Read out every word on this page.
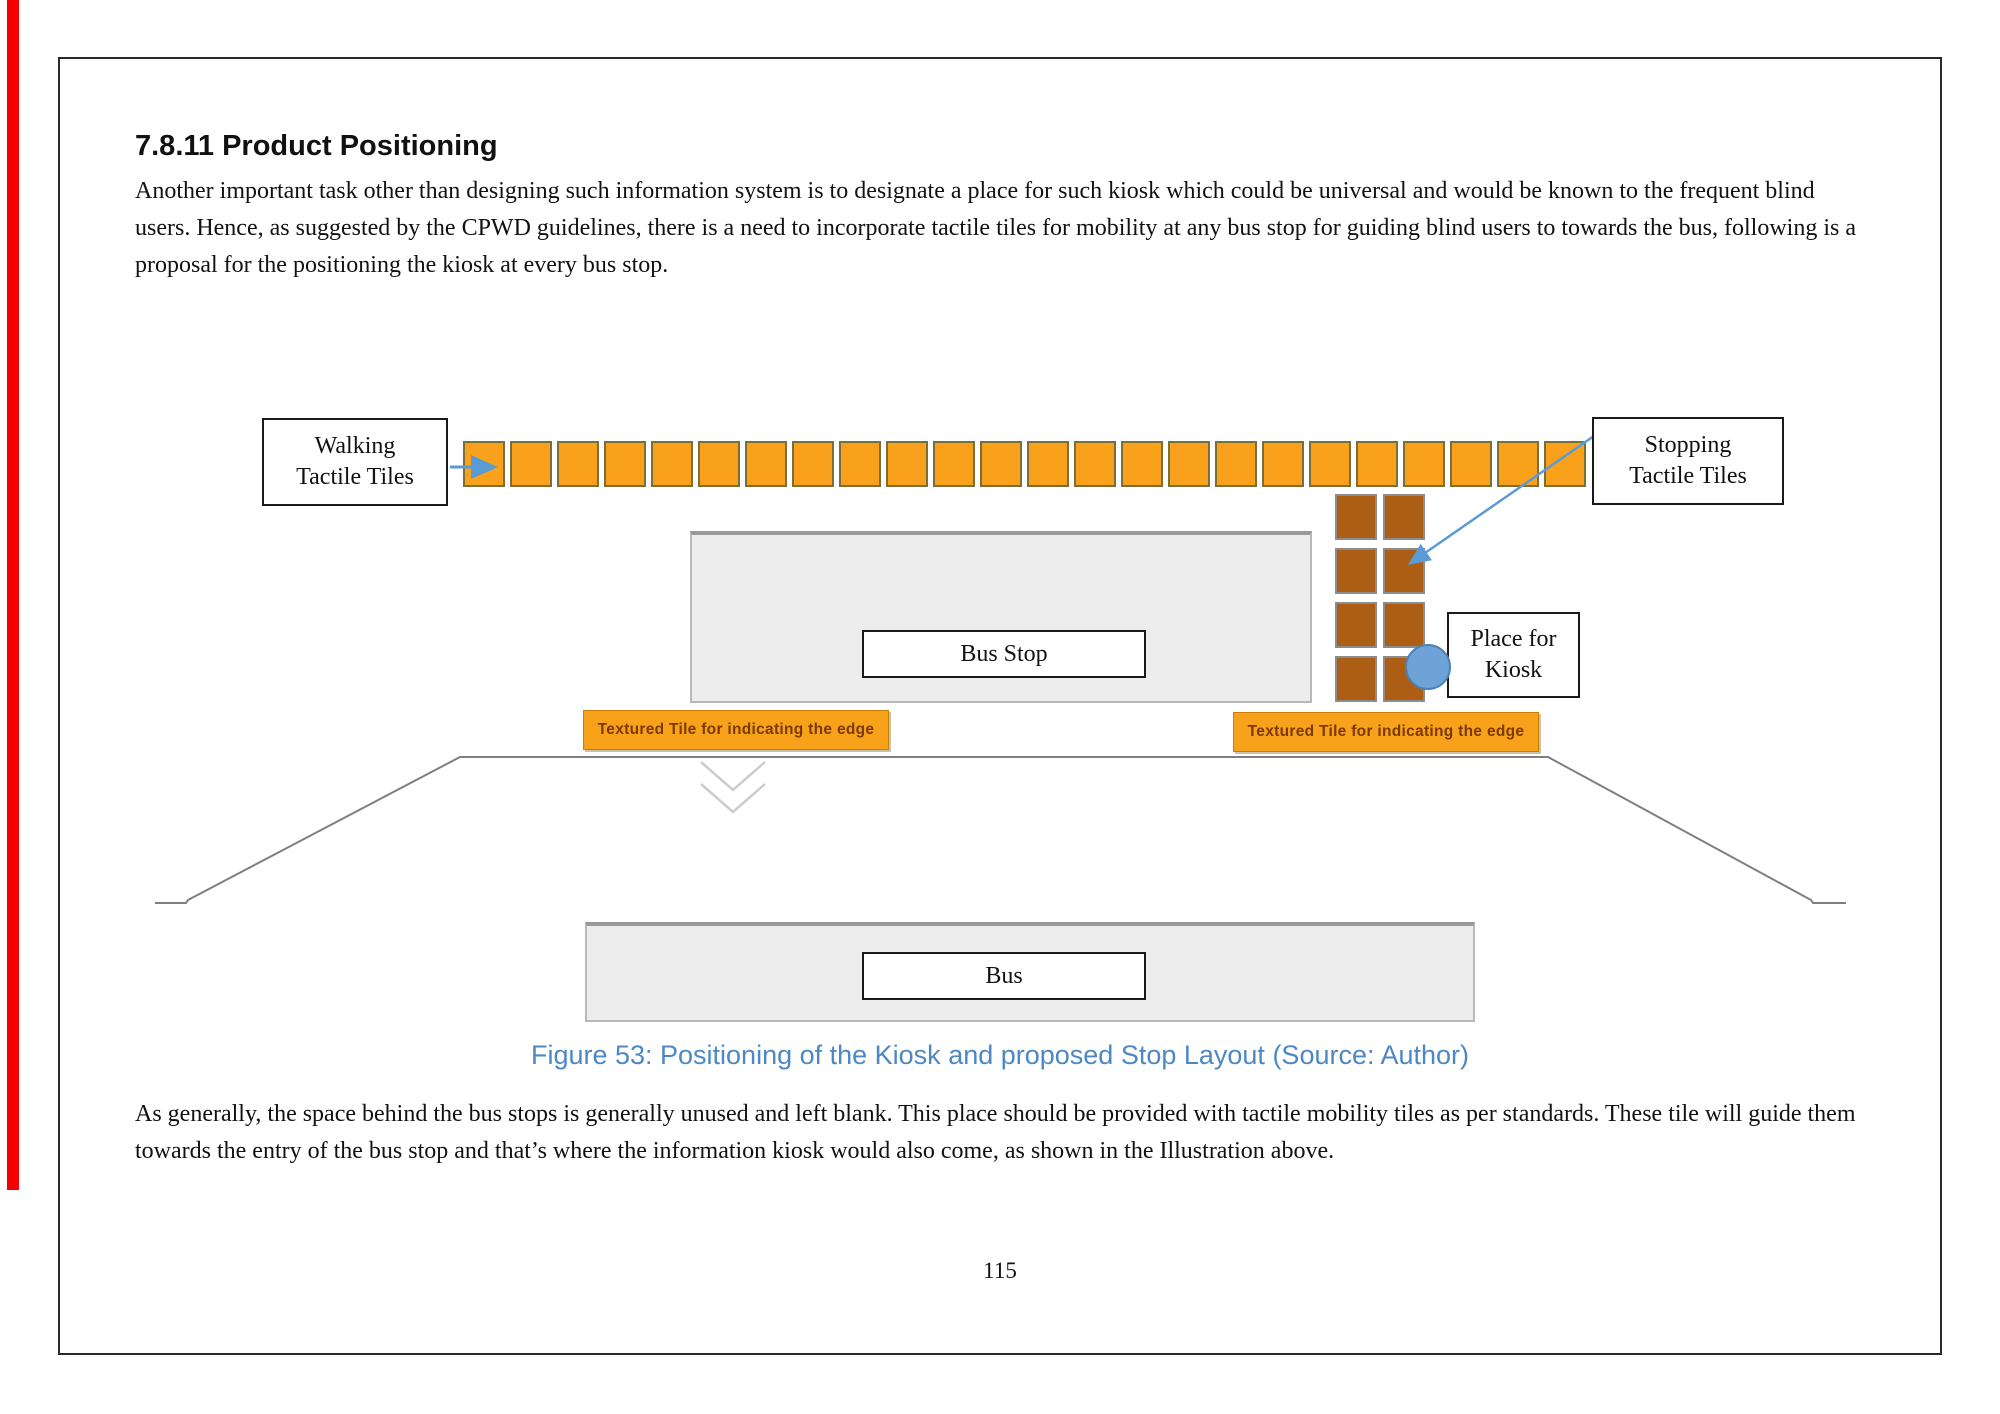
7.8.11 Product Positioning

Another important task other than designing such information system is to designate a place for such kiosk which could be universal and would be known to the frequent blind users. Hence, as suggested by the CPWD guidelines, there is a need to incorporate tactile tiles for mobility at any bus stop for guiding blind users to towards the bus, following is a proposal for the positioning the kiosk at every bus stop.

Walking
Tactile Tiles
Stopping
Tactile Tiles
Bus Stop
Place for
Kiosk
Textured Tile for indicating the edge	Textured Tile for indicating the edge
Bus
Figure 53: Positioning of the Kiosk and proposed Stop Layout (Source: Author)

As generally, the space behind the bus stops is generally unused and left blank. This place should be provided with tactile mobility tiles as per standards. These tile will guide them towards the entry of the bus stop and that’s where the information kiosk would also come, as shown in the Illustration above.

115
